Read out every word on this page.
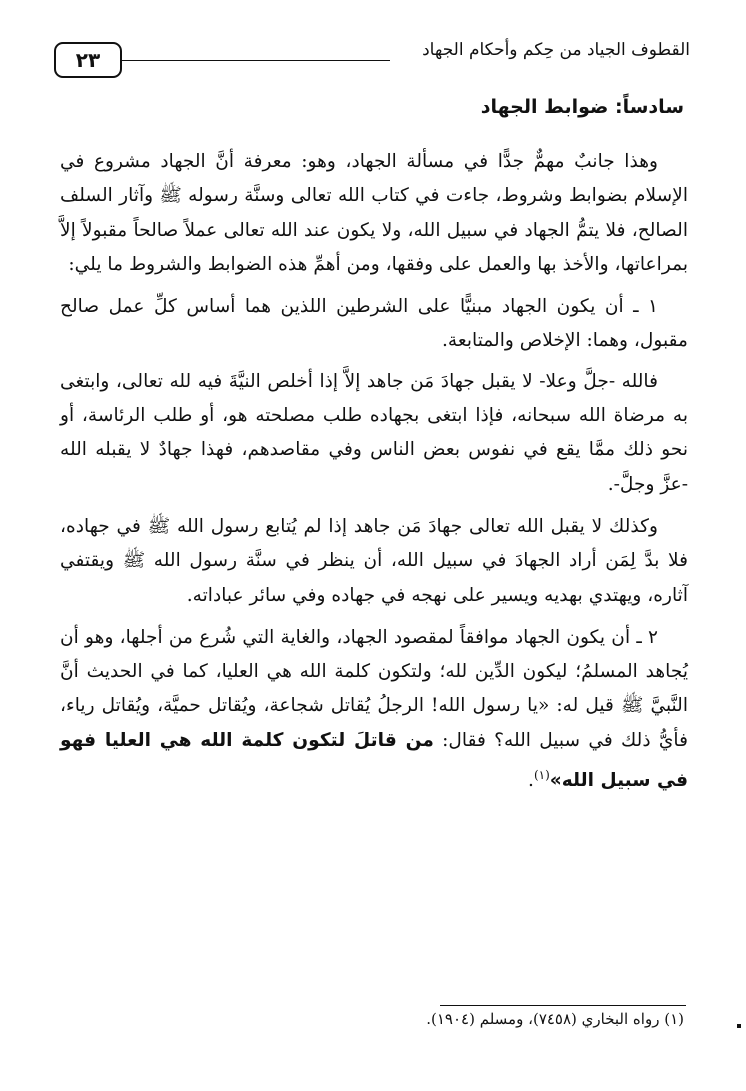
القطوف الجياد من حِكم وأحكام الجهاد
٢٣
سادساً: ضوابط الجهاد

وهذا جانبٌ مهمٌّ جدًّا في مسألة الجهاد، وهو: معرفة أنَّ الجهاد مشروع في الإسلام بضوابط وشروط، جاءت في كتاب الله تعالى وسنَّة رسوله ﷺ وآثار السلف الصالح، فلا يتمُّ الجهاد في سبيل الله، ولا يكون عند الله تعالى عملاً صالحاً مقبولاً إلاَّ بمراعاتها، والأخذ بها والعمل على وفقها، ومن أهمِّ هذه الضوابط والشروط ما يلي:

١ ـ أن يكون الجهاد مبنيًّا على الشرطين اللذين هما أساس كلِّ عمل صالح مقبول، وهما: الإخلاص والمتابعة.

فالله -جلَّ وعلا- لا يقبل جهادَ مَن جاهد إلاَّ إذا أخلص النيَّةَ فيه لله تعالى، وابتغى به مرضاة الله سبحانه، فإذا ابتغى بجهاده طلب مصلحته هو، أو طلب الرئاسة، أو نحو ذلك ممَّا يقع في نفوس بعض الناس وفي مقاصدهم، فهذا جهادٌ لا يقبله الله -عزَّ وجلَّ-.

وكذلك لا يقبل الله تعالى جهادَ مَن جاهد إذا لم يُتابع رسول الله ﷺ في جهاده، فلا بدَّ لِمَن أراد الجهادَ في سبيل الله، أن ينظر في سنَّة رسول الله ﷺ ويقتفي آثاره، ويهتدي بهديه ويسير على نهجه في جهاده وفي سائر عباداته.

٢ ـ أن يكون الجهاد موافقاً لمقصود الجهاد، والغاية التي شُرع من أجلها، وهو أن يُجاهد المسلمُ؛ ليكون الدِّين لله؛ ولتكون كلمة الله هي العليا، كما في الحديث أنَّ النَّبيَّ ﷺ قيل له: «يا رسول الله! الرجلُ يُقاتل شجاعة، ويُقاتل حميَّة، ويُقاتل رياء، فأيُّ ذلك في سبيل الله؟ فقال: من قاتلَ لتكون كلمة الله هي العليا فهو في سبيل الله»$^{(١)}$.

(١) رواه البخاري (٧٤٥٨)، ومسلم (١٩٠٤).
